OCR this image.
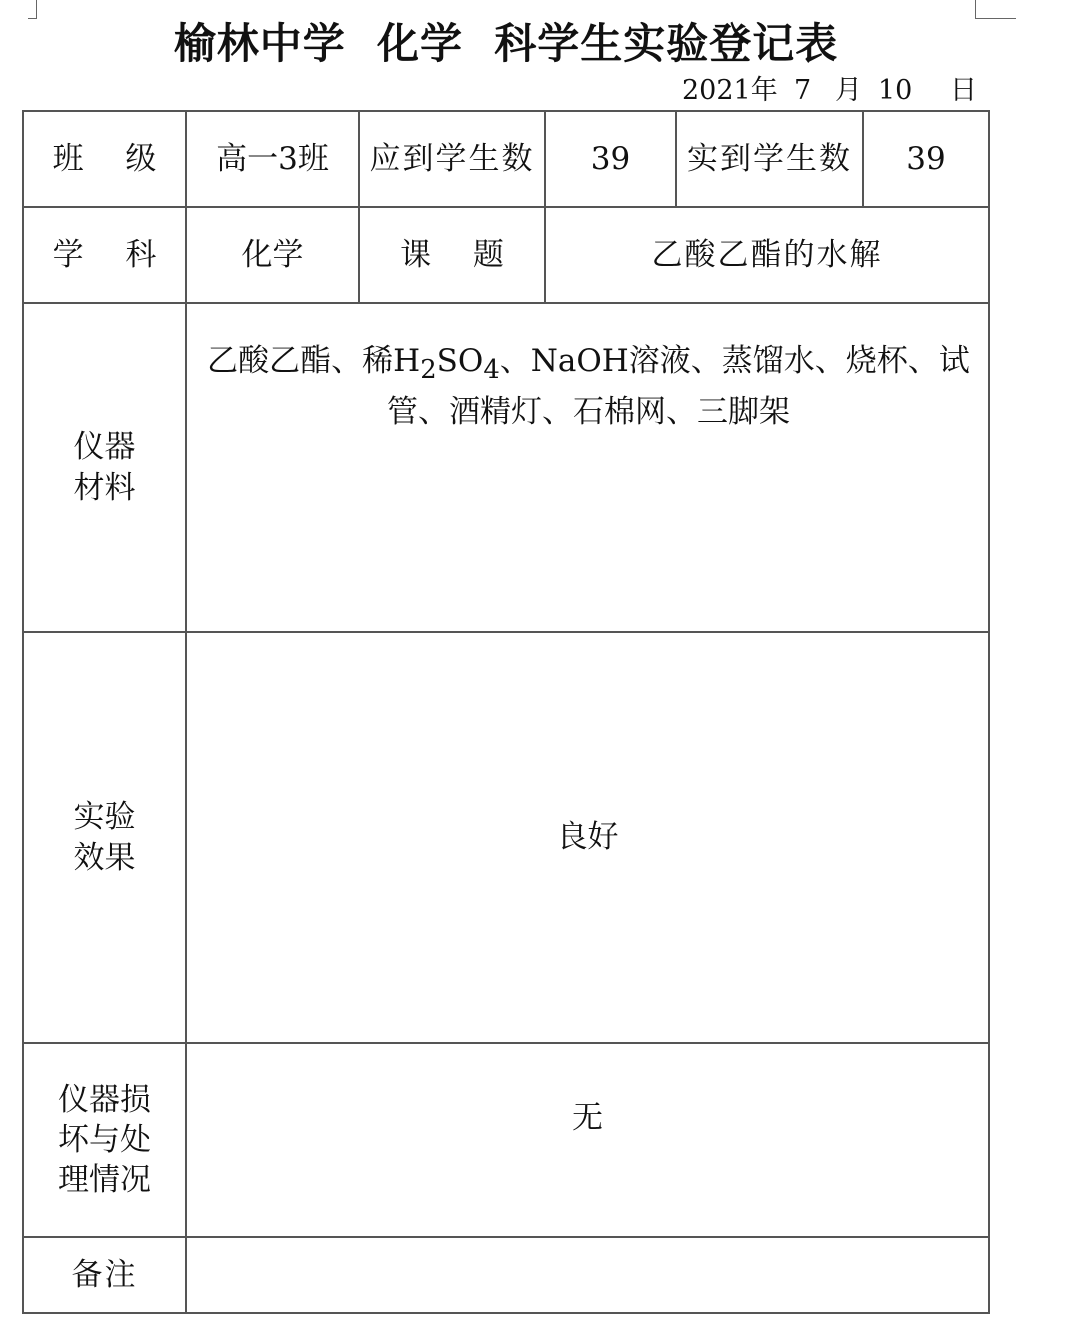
榆林中学  化学  科学生实验登记表
2021年 7 月 10 日
班 级	高一3班	应到学生数	39	实到学生数	39
学 科	化学	课 题	乙酸乙酯的水解		

仪器
材料	乙酸乙酯、稀$H_2SO_4$、NaOH溶液、蒸馏水、烧杯、试管、酒精灯、石棉网、三脚架				

实验
效果	良好				

仪器损
坏与处
理情况	无				
备注					
